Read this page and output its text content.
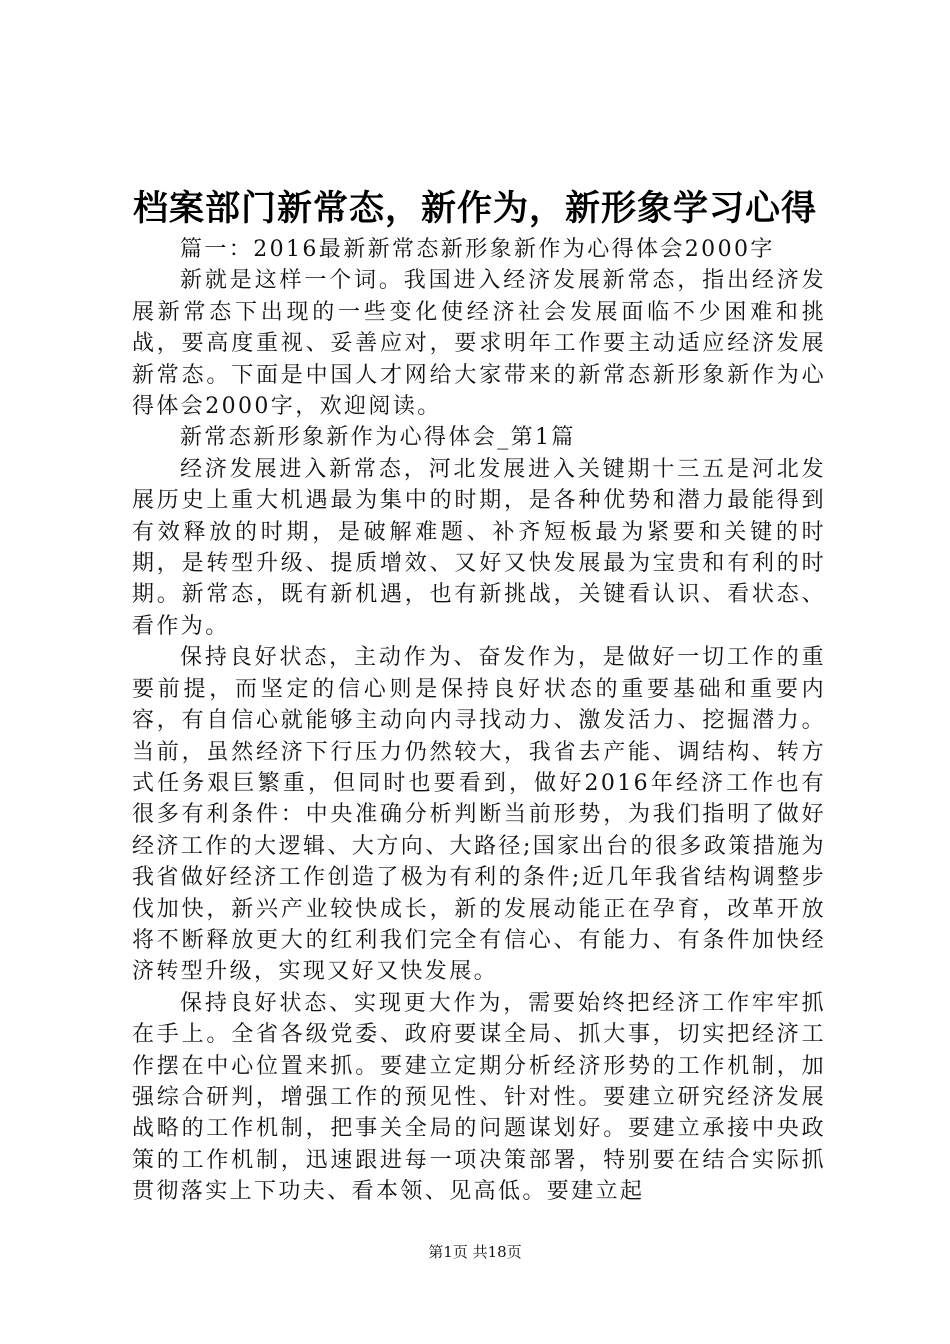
档案部门新常态，新作为，新形象学习心得

篇一：2016最新新常态新形象新作为心得体会2000字

新就是这样一个词。我国进入经济发展新常态，指出经济发展新常态下出现的一些变化使经济社会发展面临不少困难和挑战，要高度重视、妥善应对，要求明年工作要主动适应经济发展新常态。下面是中国人才网给大家带来的新常态新形象新作为心得体会2000字，欢迎阅读。

新常态新形象新作为心得体会_第1篇

经济发展进入新常态，河北发展进入关键期十三五是河北发展历史上重大机遇最为集中的时期，是各种优势和潜力最能得到有效释放的时期，是破解难题、补齐短板最为紧要和关键的时期，是转型升级、提质增效、又好又快发展最为宝贵和有利的时期。新常态，既有新机遇，也有新挑战，关键看认识、看状态、看作为。

保持良好状态，主动作为、奋发作为，是做好一切工作的重要前提，而坚定的信心则是保持良好状态的重要基础和重要内容，有自信心就能够主动向内寻找动力、激发活力、挖掘潜力。当前，虽然经济下行压力仍然较大，我省去产能、调结构、转方式任务艰巨繁重，但同时也要看到，做好2016年经济工作也有很多有利条件：中央准确分析判断当前形势，为我们指明了做好经济工作的大逻辑、大方向、大路径;国家出台的很多政策措施为我省做好经济工作创造了极为有利的条件;近几年我省结构调整步伐加快，新兴产业较快成长，新的发展动能正在孕育，改革开放将不断释放更大的红利我们完全有信心、有能力、有条件加快经济转型升级，实现又好又快发展。

保持良好状态、实现更大作为，需要始终把经济工作牢牢抓在手上。全省各级党委、政府要谋全局、抓大事，切实把经济工作摆在中心位置来抓。要建立定期分析经济形势的工作机制，加强综合研判，增强工作的预见性、针对性。要建立研究经济发展战略的工作机制，把事关全局的问题谋划好。要建立承接中央政策的工作机制，迅速跟进每一项决策部署，特别要在结合实际抓贯彻落实上下功夫、看本领、见高低。要建立起

第1页 共18页
